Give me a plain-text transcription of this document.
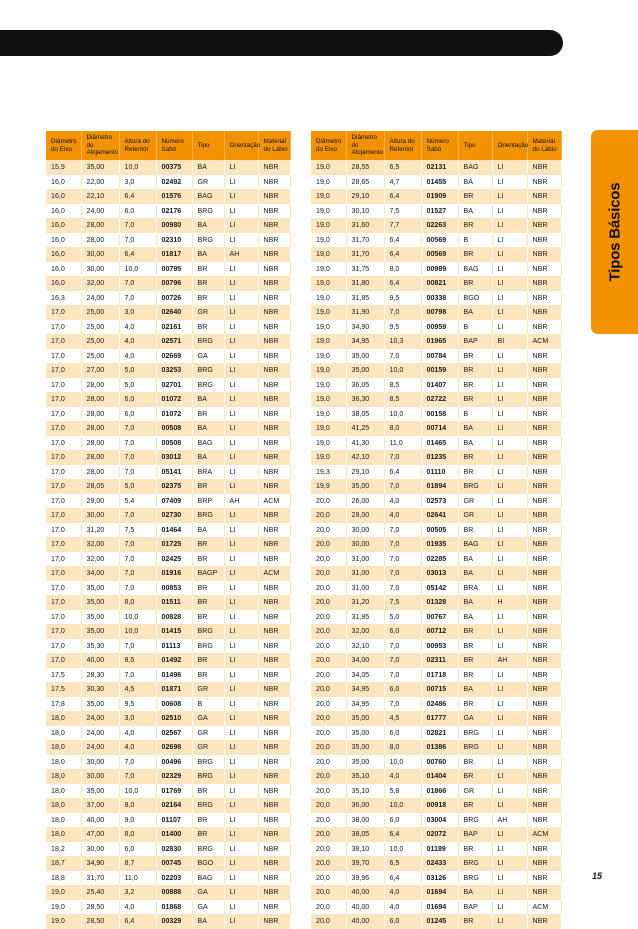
Tipos Básicos
Diâmetro do Eixo	Diâmetro do Alojamento	Altura do Retentor	Número Sabó	Tipo	Orientação	Material do Lábio
15,9	35,00	10,0	00375	BA	LI	NBR
16,0	22,00	3,0	02492	GR	LI	NBR
16,0	22,10	6,4	01576	BAG	LI	NBR
16,0	24,00	6,0	02176	BRG	LI	NBR
16,0	28,00	7,0	00980	BA	LI	NBR
16,0	28,00	7,0	02310	BRG	LI	NBR
16,0	30,00	6,4	01817	BA	AH	NBR
16,0	30,00	10,0	00795	BR	LI	NBR
16,0	32,00	7,0	00796	BR	LI	NBR
16,3	24,00	7,0	00726	BR	LI	NBR
17,0	25,00	3,0	02640	GR	LI	NBR
17,0	25,00	4,0	02161	BR	LI	NBR
17,0	25,00	4,0	02571	BRG	LI	NBR
17,0	25,00	4,0	02669	GA	LI	NBR
17,0	27,00	5,0	03253	BRG	LI	NBR
17,0	28,00	5,0	02701	BRG	LI	NBR
17,0	28,00	6,0	01072	BA	LI	NBR
17,0	28,00	6,0	01072	BR	LI	NBR
17,0	28,00	7,0	00508	BA	LI	NBR
17,0	28,00	7,0	00508	BAG	LI	NBR
17,0	28,00	7,0	03012	BA	LI	NBR
17,0	28,00	7,0	05141	BRA	LI	NBR
17,0	28,05	5,0	02375	BR	LI	NBR
17,0	29,00	5,4	07409	BRP	AH	ACM
17,0	30,00	7,0	02730	BRG	LI	NBR
17,0	31,20	7,5	01464	BA	LI	NBR
17,0	32,00	7,0	01725	BR	LI	NBR
17,0	32,00	7,0	02425	BR	LI	NBR
17,0	34,00	7,0	01916	BAGP	LI	ACM
17,0	35,00	7,0	00853	BR	LI	NBR
17,0	35,00	8,0	01511	BR	LI	NBR
17,0	35,00	10,0	00828	BR	LI	NBR
17,0	35,00	10,0	01415	BRG	LI	NBR
17,0	35,30	7,0	01113	BRG	LI	NBR
17,0	40,00	8,5	01492	BR	LI	NBR
17,5	28,30	7,0	01496	BR	LI	NBR
17,5	30,30	4,5	01871	GR	LI	NBR
17,8	35,00	9,5	00608	B	LI	NBR
18,0	24,00	3,0	02510	GA	LI	NBR
18,0	24,00	4,0	02567	GR	LI	NBR
18,0	24,00	4,0	02698	GR	LI	NBR
18,0	30,00	7,0	00496	BRG	LI	NBR
18,0	30,00	7,0	02329	BRG	LI	NBR
18,0	35,00	10,0	01769	BR	LI	NBR
18,0	37,00	8,0	02164	BRG	LI	NBR
18,0	40,00	9,0	01107	BR	LI	NBR
18,0	47,00	8,0	01400	BR	LI	NBR
18,2	30,00	6,0	02830	BRG	LI	NBR
18,7	34,90	8,7	00745	BGO	LI	NBR
18,8	31,70	11,0	02203	BAG	LI	NBR
19,0	25,40	3,2	00888	GA	LI	NBR
19,0	28,50	4,0	01868	GA	LI	NBR
19,0	28,50	6,4	00329	BA	LI	NBR
Diâmetro do Eixo	Diâmetro do Alojamento	Altura do Retentor	Número Sabó	Tipo	Orientação	Material do Lábio
19,0	28,55	6,5	02131	BAG	LI	NBR
19,0	28,65	4,7	01455	BA	LI	NBR
19,0	29,10	6,4	01909	BR	LI	NBR
19,0	30,10	7,5	01527	BA	LI	NBR
19,0	31,60	7,7	02263	BR	LI	NBR
19,0	31,70	6,4	00569	B	LI	NBR
19,0	31,70	6,4	00569	BR	LI	NBR
19,0	31,75	8,0	00989	BAG	LI	NBR
19,0	31,80	6,4	00821	BR	LI	NBR
19,0	31,85	9,5	00338	BGO	LI	NBR
19,0	31,90	7,0	00798	BA	LI	NBR
19,0	34,90	9,5	00959	B	LI	NBR
19,0	34,95	10,3	01965	BAP	BI	ACM
19,0	35,00	7,0	00784	BR	LI	NBR
19,0	35,00	10,0	00159	BR	LI	NBR
19,0	36,05	8,5	01407	BR	LI	NBR
19,0	36,30	8,5	02722	BR	LI	NBR
19,0	38,05	10,0	00158	B	LI	NBR
19,0	41,25	8,0	00714	BA	LI	NBR
19,0	41,30	11,0	01465	BA	LI	NBR
19,0	42,10	7,0	01235	BR	LI	NBR
19,3	29,10	6,4	01110	BR	LI	NBR
19,9	35,00	7,0	01894	BRG	LI	NBR
20,0	26,00	4,0	02573	GR	LI	NBR
20,0	28,00	4,0	02641	GR	LI	NBR
20,0	30,00	7,0	00505	BR	LI	NBR
20,0	30,00	7,0	01935	BAG	LI	NBR
20,0	31,00	7,0	02285	BA	LI	NBR
20,0	31,00	7,0	03013	BA	LI	NBR
20,0	31,00	7,0	05142	BRA	LI	NBR
20,0	31,20	7,5	01328	BA	H	NBR
20,0	31,95	5,0	00767	BA	LI	NBR
20,0	32,00	6,0	00712	BR	LI	NBR
20,0	32,10	7,0	00953	BR	LI	NBR
20,0	34,00	7,0	02311	BR	AH	NBR
20,0	34,05	7,0	01718	BR	LI	NBR
20,0	34,95	6,0	00715	BA	LI	NBR
20,0	34,95	7,0	02486	BR	LI	NBR
20,0	35,00	4,5	01777	GA	LI	NBR
20,0	35,00	6,0	02821	BRG	LI	NBR
20,0	35,00	8,0	01386	BRG	LI	NBR
20,0	35,00	10,0	00760	BR	LI	NBR
20,0	35,10	4,0	01404	BR	LI	NBR
20,0	35,10	5,8	01866	GR	LI	NBR
20,0	36,00	10,0	00918	BR	LI	NBR
20,0	38,00	6,0	03004	BRG	AH	NBR
20,0	38,05	6,4	02072	BAP	LI	ACM
20,0	38,10	10,0	01189	BR	LI	NBR
20,0	39,70	6,5	02433	BRG	LI	NBR
20,0	39,96	6,4	03126	BRG	LI	NBR
20,0	40,00	4,0	01694	BA	LI	NBR
20,0	40,00	4,0	01694	BAP	LI	ACM
20,0	40,00	6,0	01245	BR	LI	NBR
15
